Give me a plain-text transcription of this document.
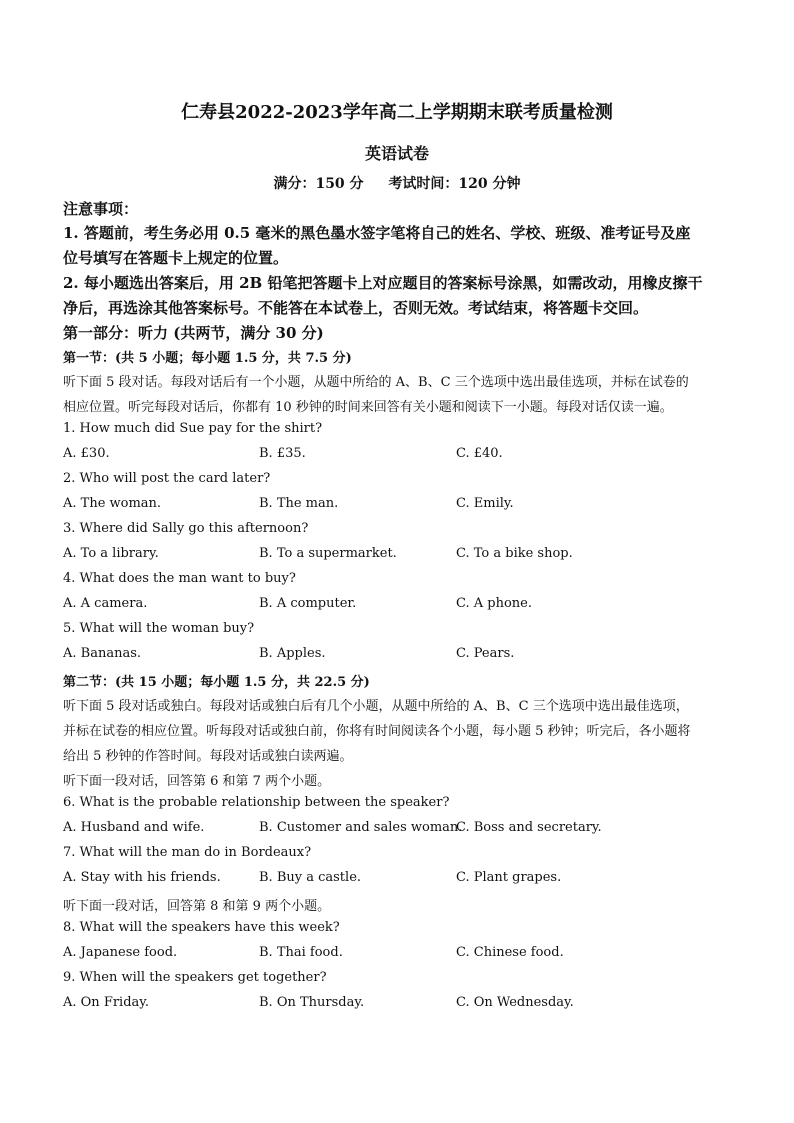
仁寿县2022-2023学年高二上学期期末联考质量检测
英语试卷
满分：150 分 考试时间：120 分钟
注意事项：
1. 答题前，考生务必用 0.5 毫米的黑色墨水签字笔将自己的姓名、学校、班级、准考证号及座
位号填写在答题卡上规定的位置。
2. 每小题选出答案后，用 2B 铅笔把答题卡上对应题目的答案标号涂黑，如需改动，用橡皮擦干
净后，再选涂其他答案标号。不能答在本试卷上，否则无效。考试结束，将答题卡交回。
第一部分：听力 (共两节，满分 30 分)
第一节：(共 5 小题；每小题 1.5 分，共 7.5 分)
听下面 5 段对话。每段对话后有一个小题，从题中所给的 A、B、C 三个选项中选出最佳选项，并标在试卷的
相应位置。听完每段对话后，你都有 10 秒钟的时间来回答有关小题和阅读下一小题。每段对话仅读一遍。
1. How much did Sue pay for the shirt?
A. £30.	B. £35.	C. £40.
2. Who will post the card later?
A. The woman.	B. The man.	C. Emily.
3. Where did Sally go this afternoon?
A. To a library.	B. To a supermarket.	C. To a bike shop.
4. What does the man want to buy?
A. A camera.	B. A computer.	C. A phone.
5. What will the woman buy?
A. Bananas.	B. Apples.	C. Pears.
第二节：(共 15 小题；每小题 1.5 分，共 22.5 分)
听下面 5 段对话或独白。每段对话或独白后有几个小题，从题中所给的 A、B、C 三个选项中选出最佳选项，
并标在试卷的相应位置。听每段对话或独白前，你将有时间阅读各个小题，每小题 5 秒钟；听完后，各小题将
给出 5 秒钟的作答时间。每段对话或独白读两遍。
听下面一段对话，回答第 6 和第 7 两个小题。
6. What is the probable relationship between the speaker?
A. Husband and wife.	B. Customer and sales woman.
C. Boss and secretary.
7. What will the man do in Bordeaux?
A. Stay with his friends.	B. Buy a castle.	C. Plant grapes.
听下面一段对话，回答第 8 和第 9 两个小题。
8. What will the speakers have this week?
A. Japanese food.	B. Thai food.	C. Chinese food.
9. When will the speakers get together?
A. On Friday.	B. On Thursday.	C. On Wednesday.
